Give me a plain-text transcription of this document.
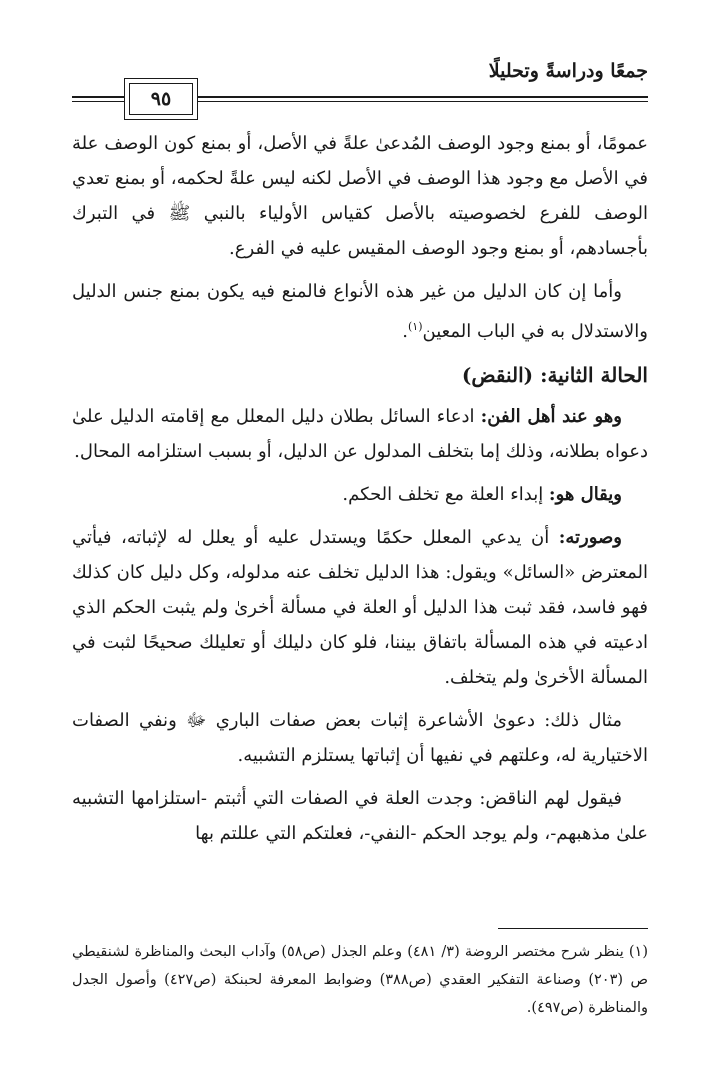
جمعًا ودراسةً وتحليلًا
٩٥

عمومًا، أو بمنع وجود الوصف المُدعىٰ علةً في الأصل، أو بمنع كون الوصف علة في الأصل مع وجود هذا الوصف في الأصل لكنه ليس علةً لحكمه، أو بمنع تعدي الوصف للفرع لخصوصيته بالأصل كقياس الأولياء بالنبي ﷺ في التبرك بأجسادهم، أو بمنع وجود الوصف المقيس عليه في الفرع.

وأما إن كان الدليل من غير هذه الأنواع فالمنع فيه يكون بمنع جنس الدليل والاستدلال به في الباب المعين$^{(١)}$.

الحالة الثانية: (النقض)

وهو عند أهل الفن: ادعاء السائل بطلان دليل المعلل مع إقامته الدليل علىٰ دعواه بطلانه، وذلك إما بتخلف المدلول عن الدليل، أو بسبب استلزامه المحال.

ويقال هو: إبداء العلة مع تخلف الحكم.

وصورته: أن يدعي المعلل حكمًا ويستدل عليه أو يعلل له لإثباته، فيأتي المعترض «السائل» ويقول: هذا الدليل تخلف عنه مدلوله، وكل دليل كان كذلك فهو فاسد، فقد ثبت هذا الدليل أو العلة في مسألة أخرىٰ ولم يثبت الحكم الذي ادعيته في هذه المسألة باتفاق بيننا، فلو كان دليلك أو تعليلك صحيحًا لثبت في المسألة الأخرىٰ ولم يتخلف.

مثال ذلك: دعوىٰ الأشاعرة إثبات بعض صفات الباري ﷻ ونفي الصفات الاختيارية له، وعلتهم في نفيها أن إثباتها يستلزم التشبيه.

فيقول لهم الناقض: وجدت العلة في الصفات التي أثبتم -استلزامها التشبيه علىٰ مذهبهم-، ولم يوجد الحكم -النفي-، فعلتكم التي عللتم بها

(١) ينظر شرح مختصر الروضة (٣/ ٤٨١) وعلم الجذل (ص٥٨) وآداب البحث والمناظرة لشنقيطي ص (٢٠٣) وصناعة التفكير العقدي (ص٣٨٨) وضوابط المعرفة لحبنكة (ص٤٢٧) وأصول الجدل والمناظرة (ص٤٩٧).
